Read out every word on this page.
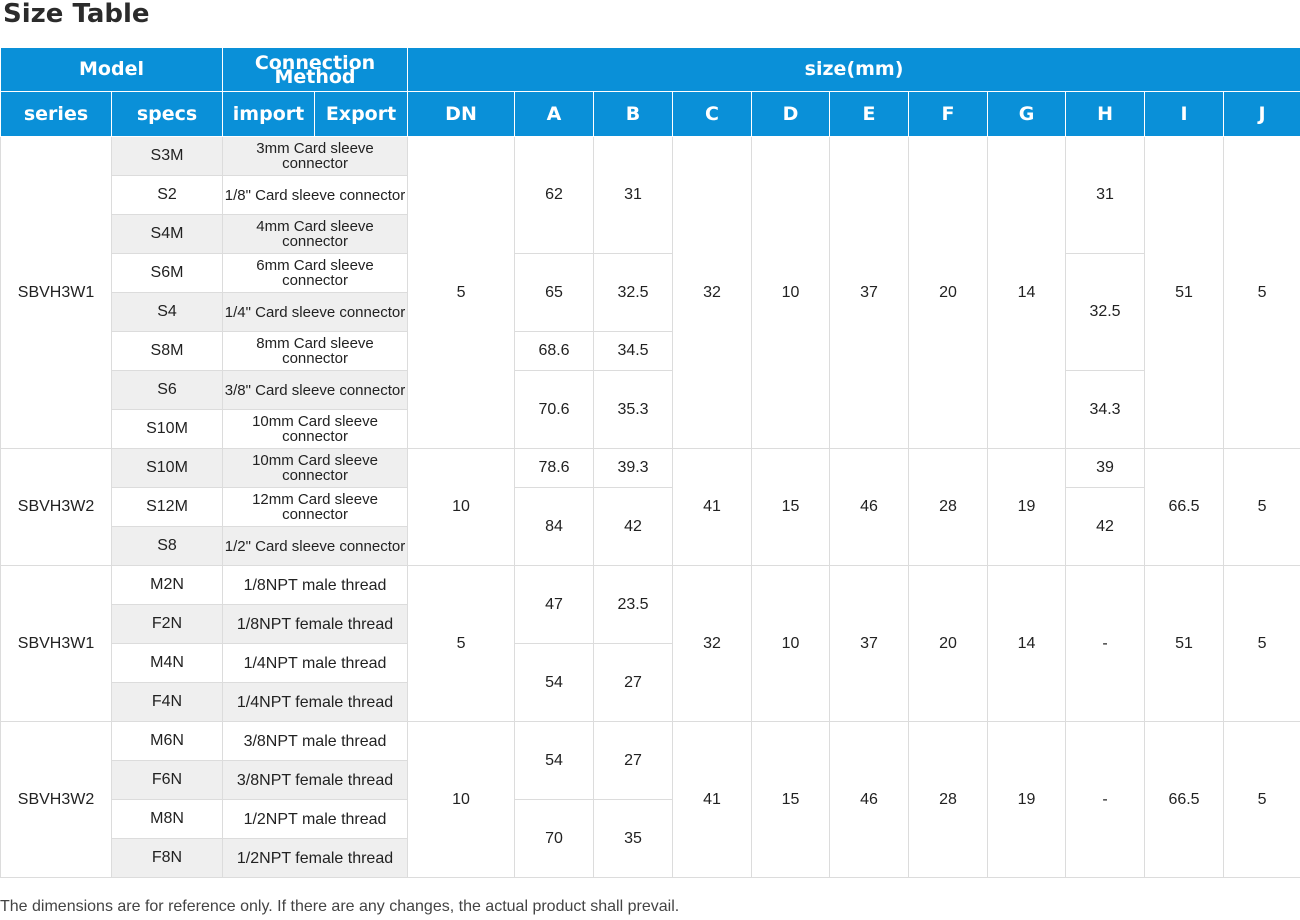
Size Table
Model		Connection Method		size(mm)										
series	specs	import	Export	DN	A	B	C	D	E	F	G	H	I	J
SBVH3W1	S3M	3mm Card sleeve connector		5	62	31	32	10	37	20	14	31	51	5
	S2	1/8" Card sleeve connector												
	S4M	4mm Card sleeve connector												
	S6M	6mm Card sleeve connector			65	32.5						32.5		
	S4	1/4" Card sleeve connector												
	S8M	8mm Card sleeve connector			68.6	34.5								
	S6	3/8" Card sleeve connector			70.6	35.3						34.3		
	S10M	10mm Card sleeve connector												
SBVH3W2	S10M	10mm Card sleeve connector		10	78.6	39.3	41	15	46	28	19	39	66.5	5
	S12M	12mm Card sleeve connector			84	42						42		
	S8	1/2" Card sleeve connector												
SBVH3W1	M2N	1/8NPT male thread		5	47	23.5	32	10	37	20	14	-	51	5
	F2N	1/8NPT female thread												
	M4N	1/4NPT male thread			54	27								
	F4N	1/4NPT female thread												
SBVH3W2	M6N	3/8NPT male thread		10	54	27	41	15	46	28	19	-	66.5	5
	F6N	3/8NPT female thread												
	M8N	1/2NPT male thread			70	35								
	F8N	1/2NPT female thread												
The dimensions are for reference only. If there are any changes, the actual product shall prevail.
